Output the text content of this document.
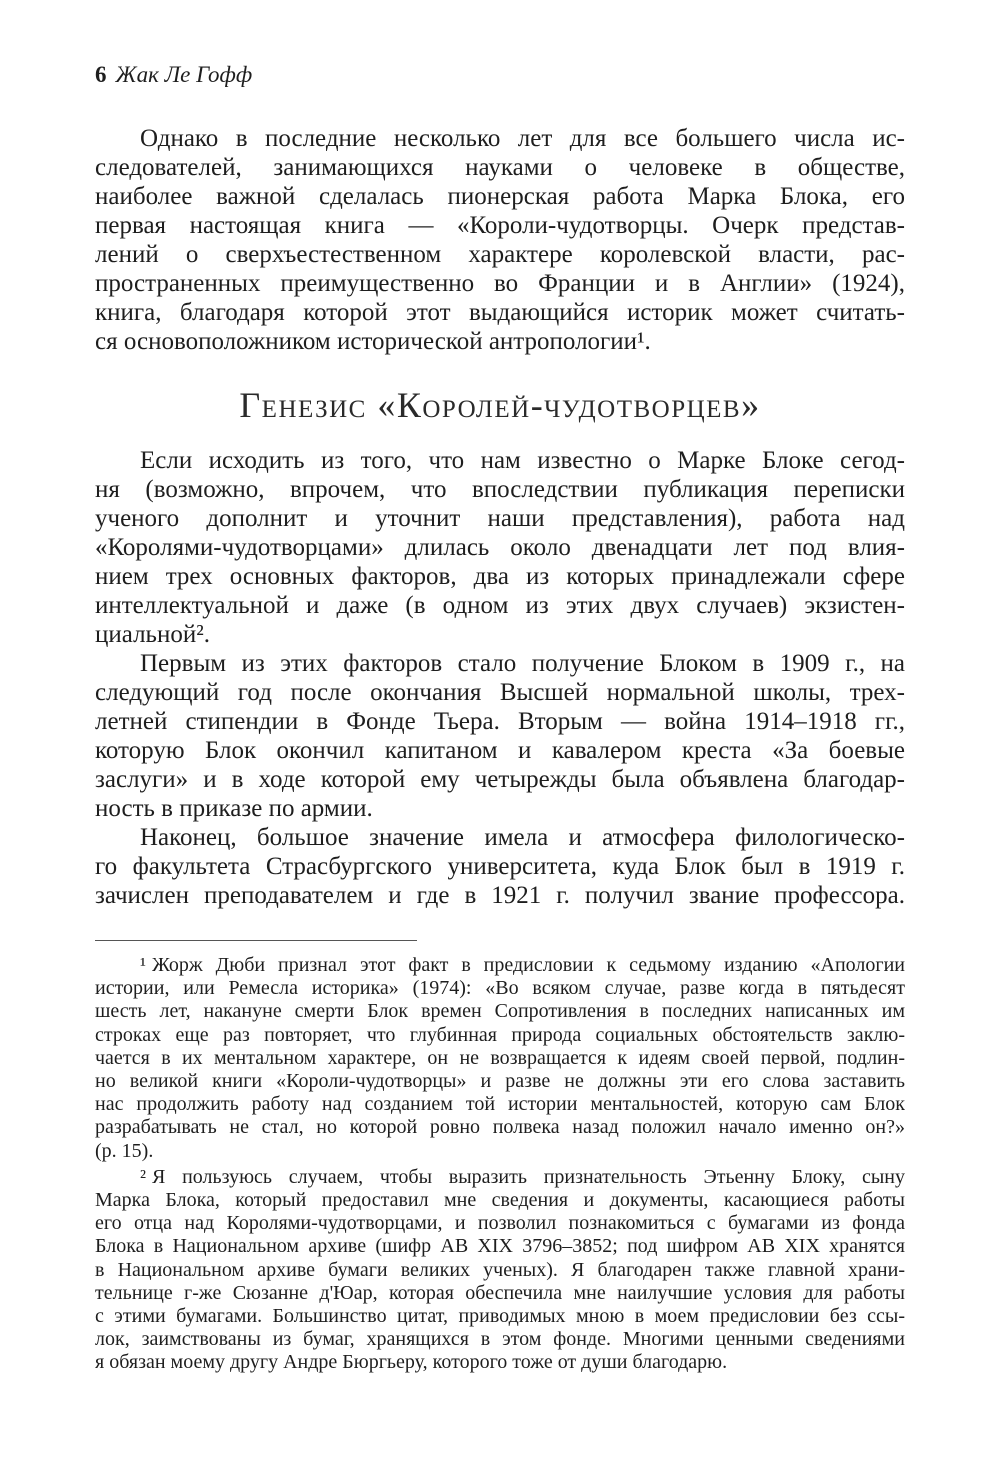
6 Жак Ле Гофф
Однако в последние несколько лет для все большего числа ис-
следователей, занимающихся науками о человеке в обществе,
наиболее важной сделалась пионерская работа Марка Блока, его
первая настоящая книга — «Короли-чудотворцы. Очерк представ-
лений о сверхъестественном характере королевской власти, рас-
пространенных преимущественно во Франции и в Англии» (1924),
книга, благодаря которой этот выдающийся историк может считать-
ся основоположником исторической антропологии¹.
Генезис «Королей-чудотворцев»
Если исходить из того, что нам известно о Марке Блоке сегод-
ня (возможно, впрочем, что впоследствии публикация переписки
ученого дополнит и уточнит наши представления), работа над
«Королями-чудотворцами» длилась около двенадцати лет под влия-
нием трех основных факторов, два из которых принадлежали сфере
интеллектуальной и даже (в одном из этих двух случаев) экзистен-
циальной².
Первым из этих факторов стало получение Блоком в 1909 г., на
следующий год после окончания Высшей нормальной школы, трех-
летней стипендии в Фонде Тьера. Вторым — война 1914–1918 гг.,
которую Блок окончил капитаном и кавалером креста «За боевые
заслуги» и в ходе которой ему четырежды была объявлена благодар-
ность в приказе по армии.
Наконец, большое значение имела и атмосфера филологическо-
го факультета Страсбургского университета, куда Блок был в 1919 г.
зачислен преподавателем и где в 1921 г. получил звание профессора.
¹ Жорж Дюби признал этот факт в предисловии к седьмому изданию «Апологии
истории, или Ремесла историка» (1974): «Во всяком случае, разве когда в пятьдесят
шесть лет, накануне смерти Блок времен Сопротивления в последних написанных им
строках еще раз повторяет, что глубинная природа социальных обстоятельств заклю-
чается в их ментальном характере, он не возвращается к идеям своей первой, подлин-
но великой книги «Короли-чудотворцы» и разве не должны эти его слова заставить
нас продолжить работу над созданием той истории ментальностей, которую сам Блок
разрабатывать не стал, но которой ровно полвека назад положил начало именно он?»
(p. 15).
² Я пользуюсь случаем, чтобы выразить признательность Этьенну Блоку, сыну
Марка Блока, который предоставил мне сведения и документы, касающиеся работы
его отца над Королями-чудотворцами, и позволил познакомиться с бумагами из фонда
Блока в Национальном архиве (шифр AB XIX 3796–3852; под шифром AB XIX хранятся
в Национальном архиве бумаги великих ученых). Я благодарен также главной храни-
тельнице г-же Сюзанне д'Юар, которая обеспечила мне наилучшие условия для работы
с этими бумагами. Большинство цитат, приводимых мною в моем предисловии без ссы-
лок, заимствованы из бумаг, хранящихся в этом фонде. Многими ценными сведениями
я обязан моему другу Андре Бюргьеру, которого тоже от души благодарю.
